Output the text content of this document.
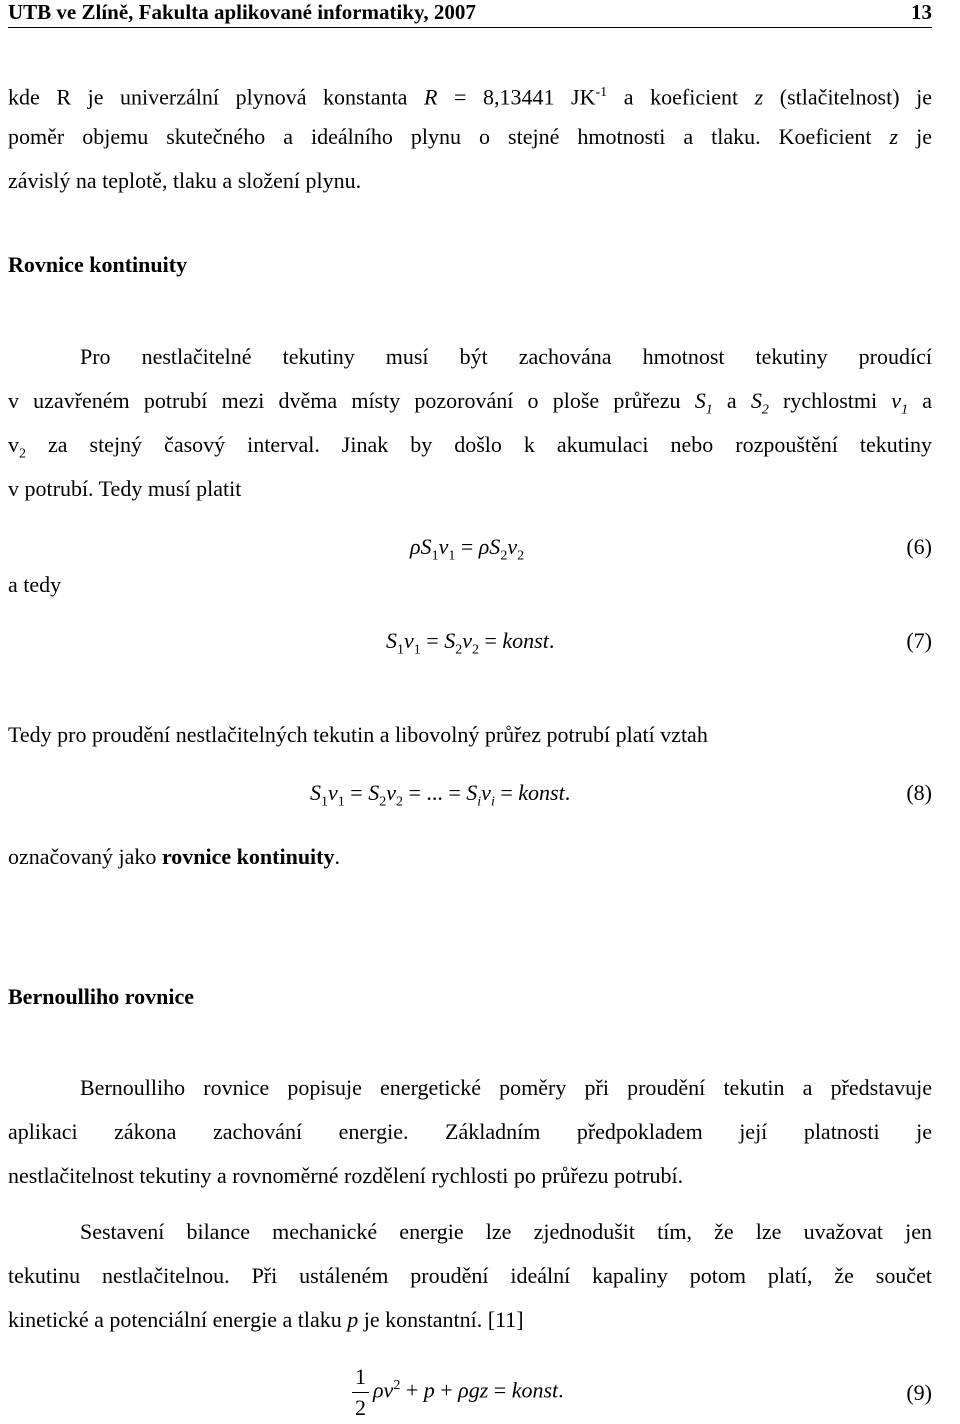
UTB ve Zlíně, Fakulta aplikované informatiky, 2007	13
kde R je univerzální plynová konstanta R = 8,13441 $JK^{-1}$ a koeficient z (stlačitelnost) je
poměr objemu skutečného a ideálního plynu o stejné hmotnosti a tlaku. Koeficient z je
závislý na teplotě, tlaku a složení plynu.
Rovnice kontinuity
Pro nestlačitelné tekutiny musí být zachována hmotnost tekutiny proudící
v uzavřeném potrubí mezi dvěma místy pozorování o ploše průřezu $S_1$ a $S_2$ rychlostmi $v_1$ a
$v_2$ za stejný časový interval. Jinak by došlo k akumulaci nebo rozpouštění tekutiny
v potrubí. Tedy musí platit
$\rho S_1v_1 = \rho S_2v_2$	(6)
a tedy
$S_1v_1 = S_2v_2$ = konst.	(7)
Tedy pro proudění nestlačitelných tekutin a libovolný průřez potrubí platí vztah
$S_1v_1 = S_2v_2$ = ... = $S_iv_i$ = konst.	(8)
označovaný jako rovnice kontinuity.
Bernoulliho rovnice
Bernoulliho rovnice popisuje energetické poměry při proudění tekutin a představuje
aplikaci zákona zachování energie. Základním předpokladem její platnosti je
nestlačitelnost tekutiny a rovnoměrné rozdělení rychlosti po průřezu potrubí.
Sestavení bilance mechanické energie lze zjednodušit tím, že lze uvažovat jen
tekutinu nestlačitelnou. Při ustáleném proudění ideální kapaliny potom platí, že součet
kinetické a potenciální energie a tlaku p je konstantní. [11]
$\frac{1}{2} \rho v^2 + p + \rho gz$ = konst.	(9)
